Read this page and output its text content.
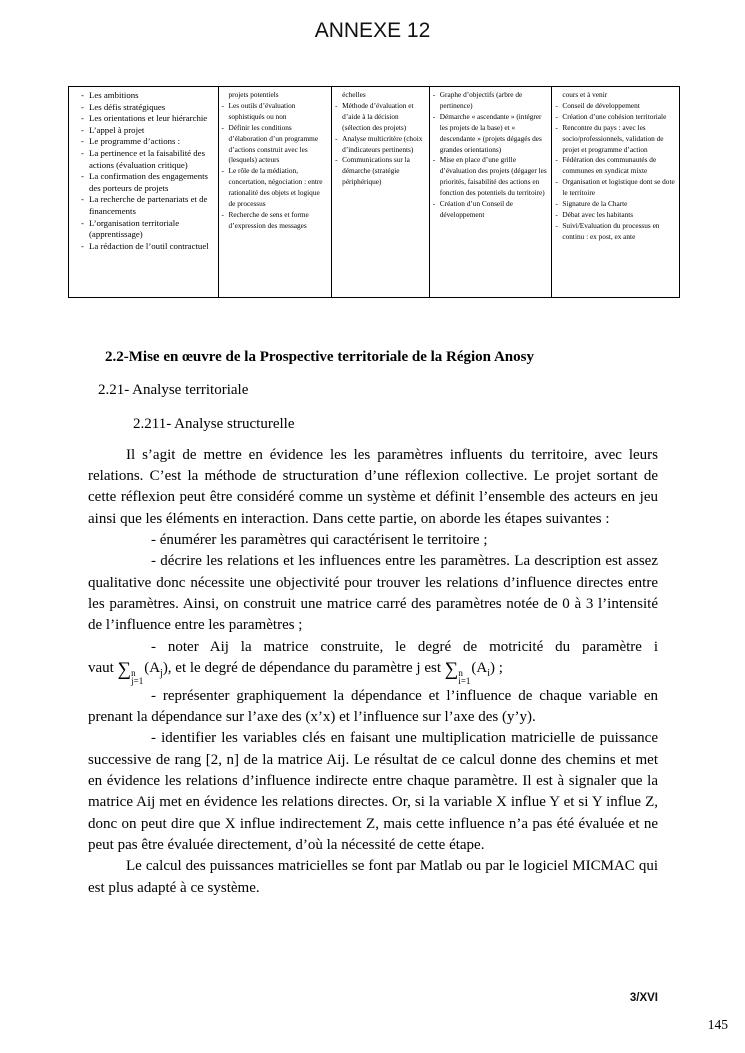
ANNEXE 12
- Les ambitions
- Les défis stratégiques
- Les orientations et leur hiérarchie
- L’appel à projet
- Le programme d’actions :
- La pertinence et la faisabilité des actions (évaluation critique)
- La confirmation des engagements des porteurs de projets
- La recherche de partenariats et de financements
- L’organisation territoriale (apprentissage)
- La rédaction de l’outil contractuel
projets potentiels
- Les outils d’évaluation sophistiqués ou non
- Définir les conditions d’élaboration d’un programme d’actions construit avec les (lesquels) acteurs
- Le rôle de la médiation, concertation, négociation : entre rationalité des objets et logique de processus
- Recherche de sens et forme d’expression des messages
échelles
- Méthode d’évaluation et d’aide à la décision (sélection des projets)
- Analyse multicritère (choix d’indicateurs pertinents)
- Communications sur la démarche (stratégie périphérique)
- Graphe d’objectifs (arbre de pertinence)
- Démarche « ascendante » (intégrer les projets de la base) et « descendante » (projets dégagés des grandes orientations)
- Mise en place d’une grille d’évaluation des projets (dégager les priorités, faisabilité des actions en fonction des potentiels du territoire)
- Création d’un Conseil de développement
cours et à venir
- Conseil de développement
- Création d’une cohésion territoriale
- Rencontre du pays : avec les socio/professionnels, validation de projet et programme d’action
- Fédération des communautés de communes en syndicat mixte
- Organisation et logistique dont se dote le territoire
- Signature de la Charte
- Débat avec les habitants
- Suivi/Evaluation du processus en continu : ex post, ex ante
2.2-Mise en œuvre de la Prospective territoriale de la Région Anosy
2.21- Analyse territoriale
2.211- Analyse structurelle

Il s’agit de mettre en évidence les les paramètres influents du territoire, avec leurs relations. C’est la méthode de structuration d’une réflexion collective. Le projet sortant de cette réflexion peut être considéré comme un système et définit l’ensemble des acteurs en jeu ainsi que les éléments en interaction. Dans cette partie, on aborde les étapes suivantes :

- énumérer les paramètres qui caractérisent le territoire ;

- décrire les relations et les influences entre les paramètres. La description est assez qualitative donc nécessite une objectivité pour trouver les relations d’influence directes entre les paramètres. Ainsi, on construit une matrice carré des paramètres notée de 0 à 3 l’intensité de l’influence entre les paramètres ;

- noter Aij la matrice construite, le degré de motricité du paramètre i

vaut ∑ n
j=1
$(A_j)$, et le degré de dépendance du paramètre j est ∑ n
i=1
$(A_i)$ ;

- représenter graphiquement la dépendance et l’influence de chaque variable en prenant la dépendance sur l’axe des (x’x) et l’influence sur l’axe des (y’y).

- identifier les variables clés en faisant une multiplication matricielle de puissance successive de rang [2, n] de la matrice Aij. Le résultat de ce calcul donne des chemins et met en évidence les relations d’influence indirecte entre chaque paramètre. Il est à signaler que la matrice Aij met en évidence les relations directes. Or, si la variable X influe Y et si Y influe Z, donc on peut dire que X influe indirectement Z, mais cette influence n’a pas été évaluée et ne peut pas être évaluée directement, d’où la nécessité de cette étape.

Le calcul des puissances matricielles se font par Matlab ou par le logiciel MICMAC qui est plus adapté à ce système.

3/XVI
145
